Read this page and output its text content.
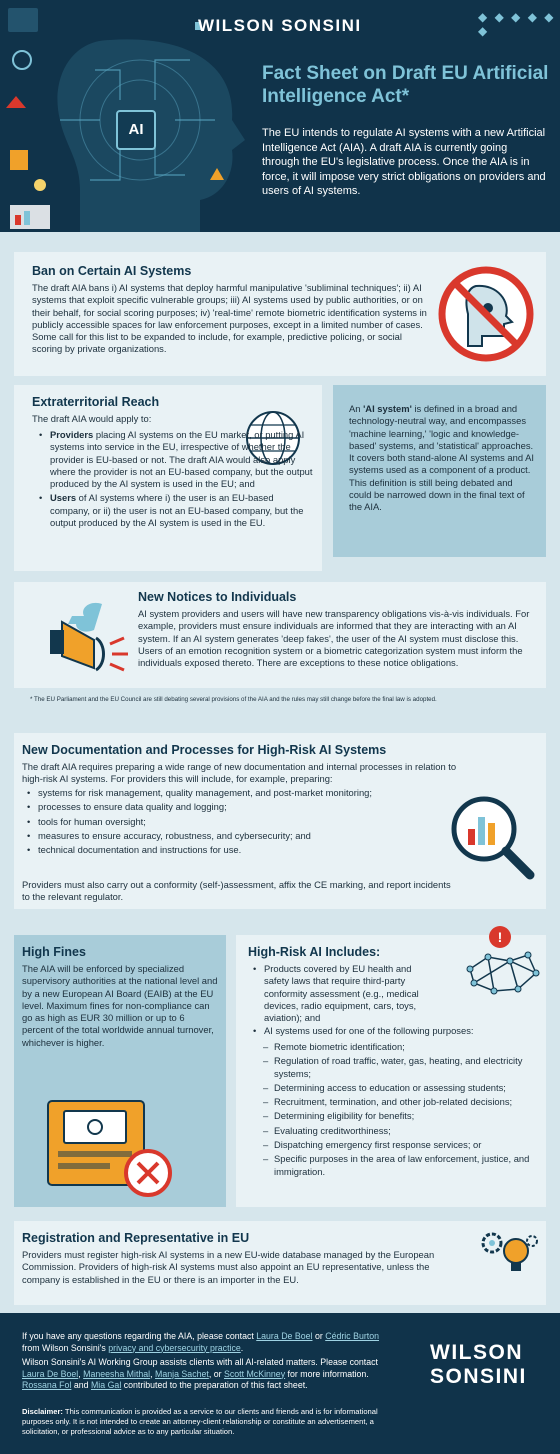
AI
WILSON SONSINI	◆ ◆ ◆ ◆ ◆ ◆
Fact Sheet on Draft EU Artificial Intelligence Act*
The EU intends to regulate AI systems with a new Artificial Intelligence Act (AIA). A draft AIA is currently going through the EU's legislative process. Once the AIA is in force, it will impose very strict obligations on providers and users of AI systems.
Ban on Certain AI Systems
The draft AIA bans i) AI systems that deploy harmful manipulative 'subliminal techniques'; ii) AI systems that exploit specific vulnerable groups; iii) AI systems used by public authorities, or on their behalf, for social scoring purposes; iv) 'real-time' remote biometric identification systems in publicly accessible spaces for law enforcement purposes, except in a limited number of cases. Some call for this list to be expanded to include, for example, predictive policing, or social scoring by private organizations.
Extraterritorial Reach
The draft AIA would apply to:
• Providers placing AI systems on the EU market, or putting AI systems into service in the EU, irrespective of whether the provider is EU-based or not. The draft AIA would also apply where the provider is not an EU-based company, but the output produced by the AI system is used in the EU; and
• Users of AI systems where i) the user is an EU-based company, or ii) the user is not an EU-based company, but the output produced by the AI system is used in the EU.
An 'AI system' is defined in a broad and technology-neutral way, and encompasses 'machine learning,' 'logic and knowledge-based' systems, and 'statistical' approaches. It covers both stand-alone AI systems and AI systems used as a component of a product. This definition is still being debated and could be narrowed down in the final text of the AIA.
New Notices to Individuals
AI system providers and users will have new transparency obligations vis-à-vis individuals. For example, providers must ensure individuals are informed that they are interacting with an AI system. If an AI system generates 'deep fakes', the user of the AI system must disclose this. Users of an emotion recognition system or a biometric categorization system must inform the individuals exposed thereto. There are exceptions to these notice obligations.
* The EU Parliament and the EU Council are still debating several provisions of the AIA and the rules may still change before the final law is adopted.
New Documentation and Processes for High-Risk AI Systems
The draft AIA requires preparing a wide range of new documentation and internal processes in relation to high-risk AI systems. For providers this will include, for example, preparing:
• systems for risk management, quality management, and post-market monitoring;
• processes to ensure data quality and logging;
• tools for human oversight;
• measures to ensure accuracy, robustness, and cybersecurity; and
• technical documentation and instructions for use.
Providers must also carry out a conformity (self-)assessment, affix the CE marking, and report incidents to the relevant regulator.
High Fines
The AIA will be enforced by specialized supervisory authorities at the national level and by a new European AI Board (EAIB) at the EU level. Maximum fines for non-compliance can go as high as EUR 30 million or up to 6 percent of the total worldwide annual turnover, whichever is higher.
High-Risk AI Includes:
!
• Products covered by EU health and safety laws that require third-party conformity assessment (e.g., medical devices, radio equipment, cars, toys, aviation); and
• AI systems used for one of the following purposes:
– Remote biometric identification;
– Regulation of road traffic, water, gas, heating, and electricity systems;
– Determining access to education or assessing students;
– Recruitment, termination, and other job-related decisions;
– Determining eligibility for benefits;
– Evaluating creditworthiness;
– Dispatching emergency first response services; or
– Specific purposes in the area of law enforcement, justice, and immigration.
Registration and Representative in EU
Providers must register high-risk AI systems in a new EU-wide database managed by the European Commission. Providers of high-risk AI systems must also appoint an EU representative, unless the company is established in the EU or there is an importer in the EU.
If you have any questions regarding the AIA, please contact Laura De Boel or Cédric Burton from Wilson Sonsini's privacy and cybersecurity practice.
Wilson Sonsini's AI Working Group assists clients with all AI-related matters. Please contact Laura De Boel, Maneesha Mithal, Manja Sachet, or Scott McKinney for more information. Rossana Fol and Mia Gal contributed to the preparation of this fact sheet.
Disclaimer: This communication is provided as a service to our clients and friends and is for informational purposes only. It is not intended to create an attorney-client relationship or constitute an advertisement, a solicitation, or professional advice as to any particular situation.
WILSON
SONSINI
